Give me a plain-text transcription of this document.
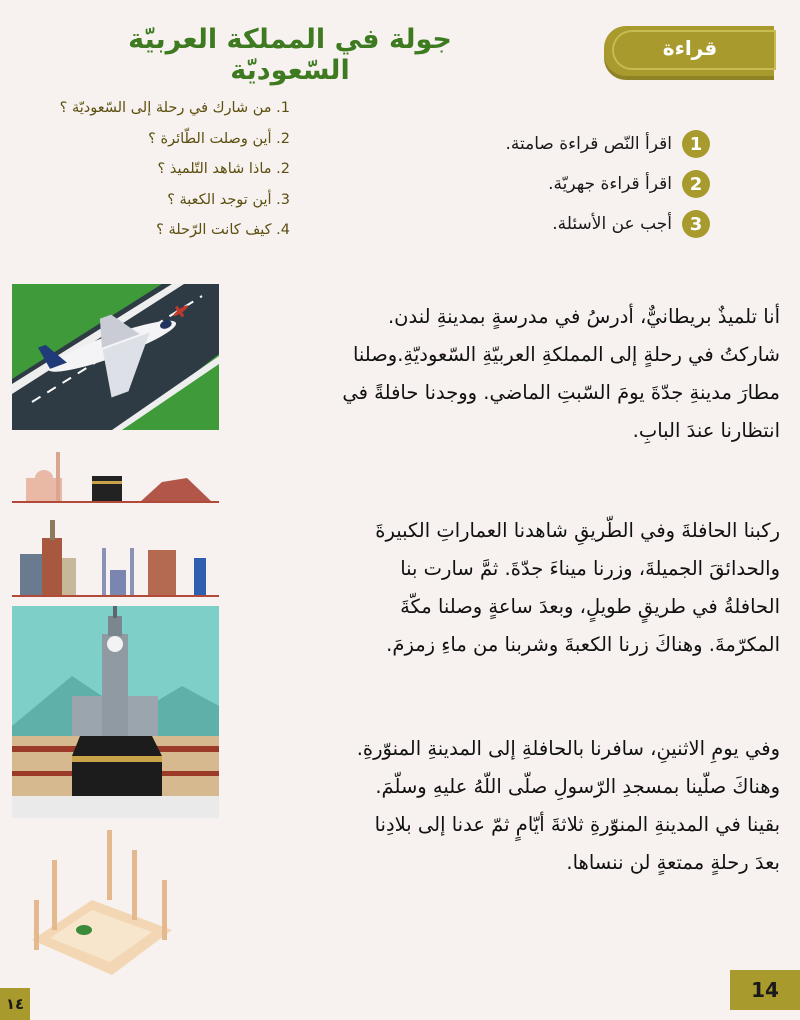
جولة في المملكة العربيّة السّعوديّة
قراءة
1
اقرأ النّص قراءة صامتة.
2
اقرأ قراءة جهريّة.
3
أجب عن الأسئلة.
1. من شارك في رحلة إلى السّعوديّة ؟
2. أين وصلت الطّائرة ؟
2. ماذا شاهد التّلميذ ؟
3. أين توجد الكعبة ؟
4. كيف كانت الرّحلة ؟
أنا تلميذٌ بريطانيٌّ، أدرسُ في مدرسةٍ بمدينةِ لندن.
شاركتُ في رحلةٍ إلى المملكةِ العربيّةِ السّعوديّةِ.وصلنا
مطارَ مدينةِ جدّةَ يومَ السّبتِ الماضي. ووجدنا حافلةً في
انتظارنا عندَ البابِ.
ركبنا الحافلةَ وفي الطّريقِ شاهدنا العماراتِ الكبيرةَ
والحدائقَ الجميلةَ، وزرنا ميناءَ جدّةَ. ثمَّ سارت بنا
الحافلةُ في طريقٍ طويلٍ، وبعدَ ساعةٍ وصلنا مكّةَ
المكرّمةَ. وهناكَ زرنا الكعبةَ وشربنا من ماءِ زمزمَ.
وفي يومِ الاثنينِ، سافرنا بالحافلةِ إلى المدينةِ المنوّرةِ.
وهناكَ صلّينا بمسجدِ الرّسولِ صلّى اللّهُ عليهِ وسلّمَ.
بقينا في المدينةِ المنوّرةِ ثلاثةَ أيّامٍ ثمّ عدنا إلى بلادِنا
بعدَ رحلةٍ ممتعةٍ لن ننساها.
14
١٤
